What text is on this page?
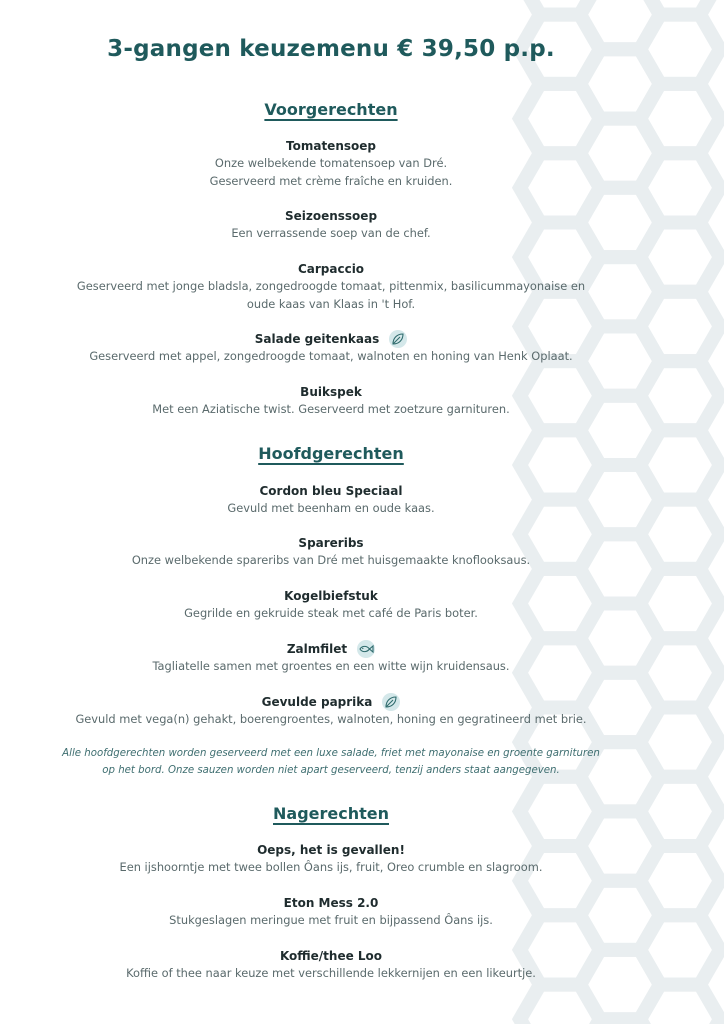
3-gangen keuzemenu € 39,50 p.p.
Voorgerechten
Tomatensoep
Onze welbekende tomatensoep van Dré.
Geserveerd met crème fraîche en kruiden.
Seizoenssoep
Een verrassende soep van de chef.
Carpaccio
Geserveerd met jonge bladsla, zongedroogde tomaat, pittenmix, basilicummayonaise en
oude kaas van Klaas in 't Hof.
Salade geitenkaas
Geserveerd met appel, zongedroogde tomaat, walnoten en honing van Henk Oplaat.
Buikspek
Met een Aziatische twist. Geserveerd met zoetzure garnituren.
Hoofdgerechten
Cordon bleu Speciaal
Gevuld met beenham en oude kaas.
Spareribs
Onze welbekende spareribs van Dré met huisgemaakte knoflooksaus.
Kogelbiefstuk
Gegrilde en gekruide steak met café de Paris boter.
Zalmfilet
Tagliatelle samen met groentes en een witte wijn kruidensaus.
Gevulde paprika
Gevuld met vega(n) gehakt, boerengroentes, walnoten, honing en gegratineerd met brie.
Alle hoofdgerechten worden geserveerd met een luxe salade, friet met mayonaise en groente garnituren
op het bord. Onze sauzen worden niet apart geserveerd, tenzij anders staat aangegeven.
Nagerechten
Oeps, het is gevallen!
Een ijshoorntje met twee bollen Ôans ijs, fruit, Oreo crumble en slagroom.
Eton Mess 2.0
Stukgeslagen meringue met fruit en bijpassend Ôans ijs.
Koffie/thee Loo
Koffie of thee naar keuze met verschillende lekkernijen en een likeurtje.
